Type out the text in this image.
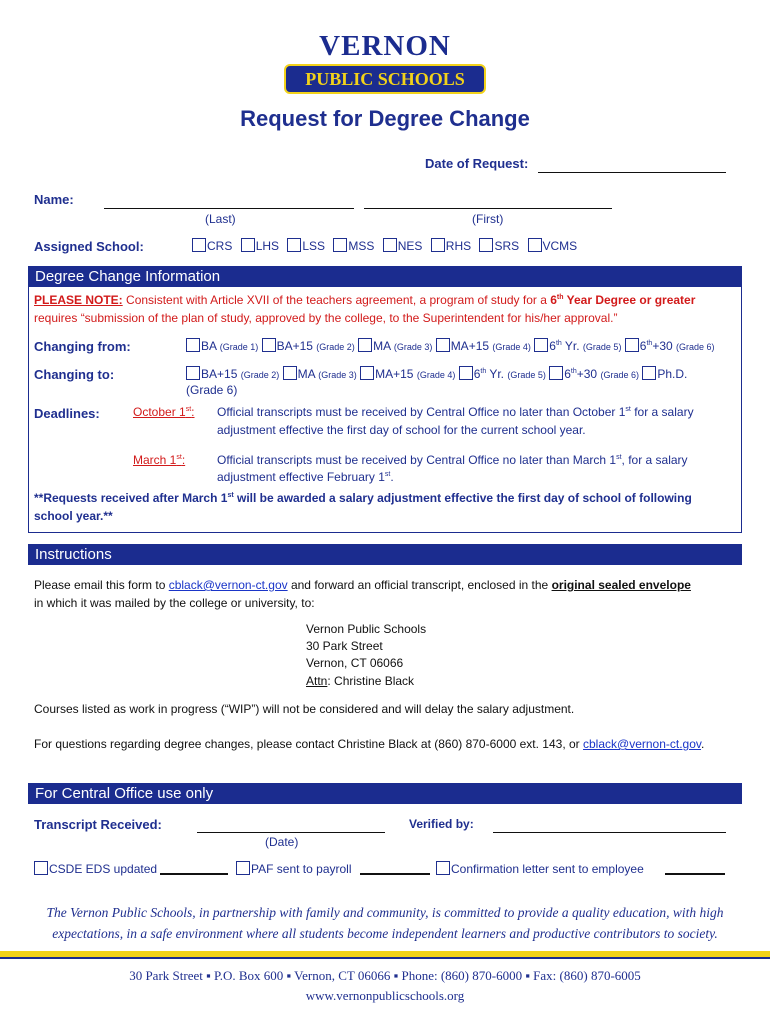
VERNON
PUBLIC SCHOOLS
Request for Degree Change
Date of Request:
Name:
(Last)	(First)
Assigned School:	CRS LHS LSS MSS NES RHS SRS VCMS
Degree Change Information
PLEASE NOTE: Consistent with Article XVII of the teachers agreement, a program of study for a 6th Year Degree or greater
requires “submission of the plan of study, approved by the college, to the Superintendent for his/her approval.”
Changing from:	BA (Grade 1) BA+15 (Grade 2) MA (Grade 3) MA+15 (Grade 4) 6th Yr. (Grade 5) 6th+30 (Grade 6)
Changing to:	BA+15 (Grade 2) MA (Grade 3) MA+15 (Grade 4) 6th Yr. (Grade 5) 6th+30 (Grade 6) Ph.D.
(Grade 6)
Deadlines:	October 1st: Official transcripts must be received by Central Office no later than October 1st for a salary
adjustment effective the first day of school for the current school year.
March 1st:	Official transcripts must be received by Central Office no later than March 1st, for a salary
adjustment effective February 1st.
**Requests received after March 1st will be awarded a salary adjustment effective the first day of school of following
school year.**
Instructions
Please email this form to cblack@vernon-ct.gov and forward an official transcript, enclosed in the original sealed envelope
in which it was mailed by the college or university, to:
Vernon Public Schools
30 Park Street
Vernon, CT 06066
Attn: Christine Black
Courses listed as work in progress (“WIP”) will not be considered and will delay the salary adjustment.
For questions regarding degree changes, please contact Christine Black at (860) 870-6000 ext. 143, or cblack@vernon-ct.gov.
For Central Office use only
Transcript Received:
(Date)
Verified by:
CSDE EDS updated	PAF sent to payroll	Confirmation letter sent to employee
The Vernon Public Schools, in partnership with family and community, is committed to provide a quality education, with high
expectations, in a safe environment where all students become independent learners and productive contributors to society.
30 Park Street ▪ P.O. Box 600 ▪ Vernon, CT 06066 ▪ Phone: (860) 870-6000 ▪ Fax: (860) 870-6005
www.vernonpublicschools.org
